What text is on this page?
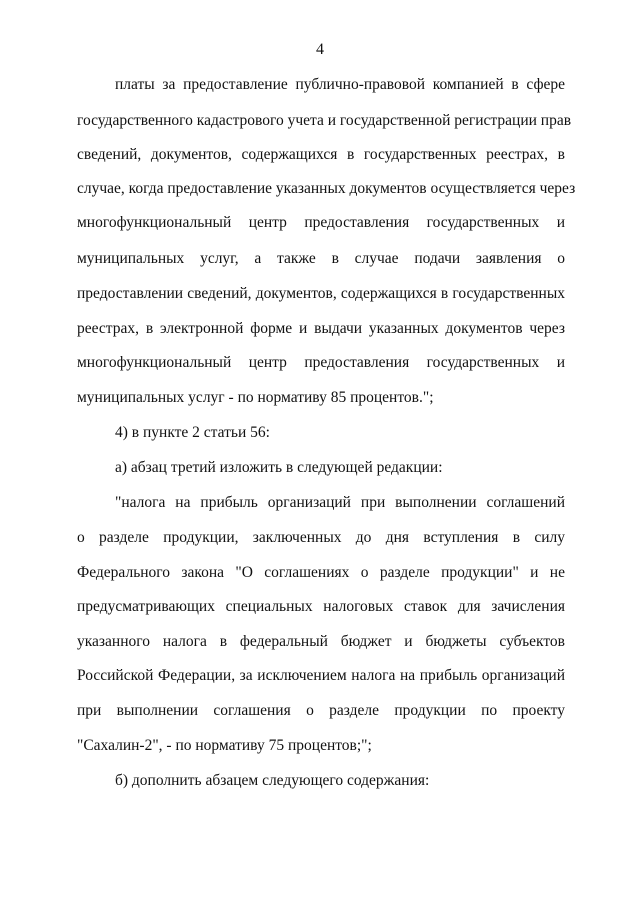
4
платы за предоставление публично-правовой компанией в сфере
государственного кадастрового учета и государственной регистрации прав
сведений, документов, содержащихся в государственных реестрах, в
случае, когда предоставление указанных документов осуществляется через
многофункциональный центр предоставления государственных и
муниципальных услуг, а также в случае подачи заявления о
предоставлении сведений, документов, содержащихся в государственных
реестрах, в электронной форме и выдачи указанных документов через
многофункциональный центр предоставления государственных и
муниципальных услуг - по нормативу 85 процентов.";
4) в пункте 2 статьи 56:
а) абзац третий изложить в следующей редакции:
"налога на прибыль организаций при выполнении соглашений
о разделе продукции, заключенных до дня вступления в силу
Федерального закона "О соглашениях о разделе продукции" и не
предусматривающих специальных налоговых ставок для зачисления
указанного налога в федеральный бюджет и бюджеты субъектов
Российской Федерации, за исключением налога на прибыль организаций
при выполнении соглашения о разделе продукции по проекту
"Сахалин-2", - по нормативу 75 процентов;";
б) дополнить абзацем следующего содержания:
